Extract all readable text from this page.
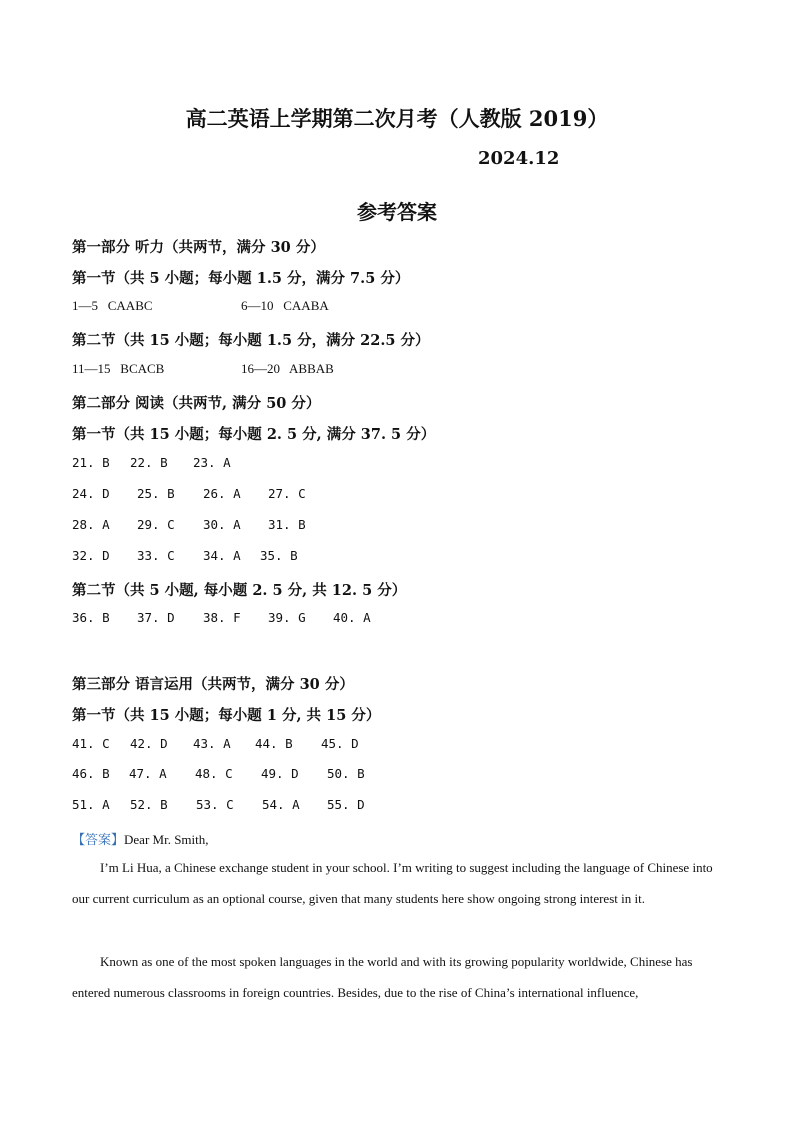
高二英语上学期第二次月考（人教版 2019）
2024.12
参考答案
第一部分 听力（共两节，满分 30 分）
第一节（共 5 小题；每小题 1.5 分，满分 7.5 分）
1—5   CAABC	6—10   CAABA
第二节（共 15 小题；每小题 1.5 分，满分 22.5 分）
11—15   BCACB	16—20   ABBAB
第二部分 阅读（共两节, 满分 50 分）
第一节（共 15 小题；每小题 2. 5 分, 满分 37. 5 分）
21. B 22. B 23. A
24. D 25. B 26. A 27. C
28. A 29. C 30. A 31. B
32. D 33. C 34. A 35. B
第二节（共 5 小题, 每小题 2. 5 分, 共 12. 5 分）
36. B 37. D 38. F 39. G 40. A
第三部分 语言运用（共两节，满分 30 分）
第一节（共 15 小题；每小题 1 分, 共 15 分）
41. C 42. D 43. A 44. B 45. D
46. B 47. A 48. C 49. D 50. B
51. A 52. B 53. C 54. A 55. D
【答案】Dear Mr. Smith,
I’m Li Hua, a Chinese exchange student in your school. I’m writing to suggest including the language of Chinese into our current curriculum as an optional course, given that many students here show ongoing strong interest in it.
Known as one of the most spoken languages in the world and with its growing popularity worldwide, Chinese has entered numerous classrooms in foreign countries. Besides, due to the rise of China’s international influence,
